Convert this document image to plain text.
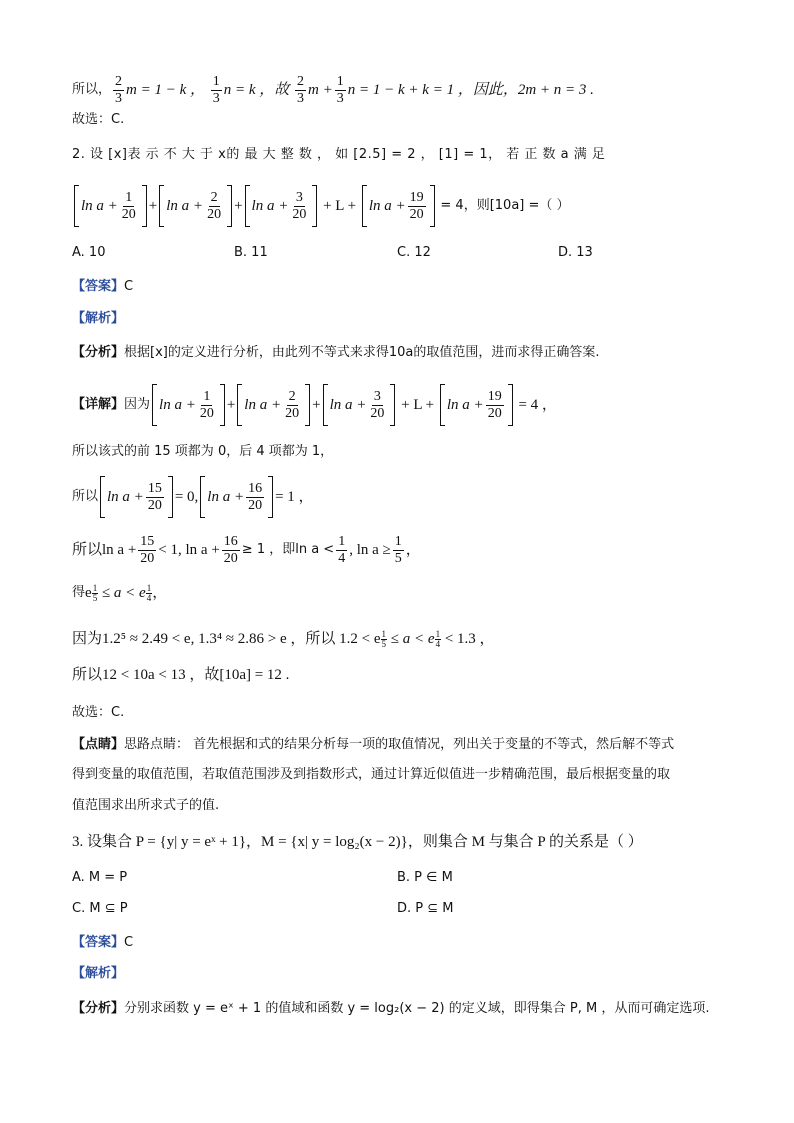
所以， $\frac{2}{3}$ m = 1 − k ，
$\frac{1}{3}$ n = k ，故
$\frac{2}{3}$ $m + \frac{1}{3}$ n = 1 − k + k = 1 ，因此，2m + n = 3 .
故选：C.
2. 设 [x]表 示 不 大 于 x的 最 大 整 数 ， 如 [2.5] = 2 ， [1] = 1， 若 正 数 a 满 足
$\ln a + \frac{1}{20} + \ln a + \frac{2}{20} + \ln a + \frac{3}{20}$
+ L +
$\ln a + \frac{19}{20}$
= 4，则[10a] =（ ）
A. 10	B. 11	C. 12	D. 13
【答案】C
【解析】
【分析】根据[x]的定义进行分析，由此列不等式来求得10a的取值范围，进而求得正确答案.
【详解】 因为 $\ln a + \frac{1}{20} + \ln a + \frac{2}{20} + \ln a + \frac{3}{20}$
+ L +
$\ln a + \frac{19}{20}$
= 4 ，
所以该式的前 15 项都为 0，后 4 项都为 1，
所以 $\ln a + \frac{15}{20} = 0$, $\ln a + \frac{16}{20} = 1$ ，
所以$\ln a + \frac{15}{20} < 1$, $\ln a + \frac{16}{20} \ge 1$ ，即$\ln a < \frac{1}{4}$ , $\ln a \ge \frac{1}{5}$ ，
得 e $\frac{1}{5}$
≤ a < e 1
4 ，
因为1.2⁵ ≈ 2.49 < e, 1.3⁴ ≈ 2.86 > e ，所以
1.2 < e $\frac{1}{5}$
≤ a < e 1
4
< 1.3 ，
所以12 < 10a < 13 ，故[10a] = 12 .
故选：C.
【点睛】思路点睛： 首先根据和式的结果分析每一项的取值情况，列出关于变量的不等式，然后解不等式
得到变量的取值范围，若取值范围涉及到指数形式，通过计算近似值进一步精确范围，最后根据变量的取
值范围求出所求式子的值.
3. 设集合 P = {y| y = eˣ + 1}，M = {x| y = log₂(x − 2)}，则集合 M 与集合 P 的关系是（ ）
A. M = P	B. P ∈ M
C. M ⊆ P	D. P ⊆ M
【答案】C
【解析】
【分析】分别求函数 y = eˣ + 1 的值域和函数 y = log₂(x − 2) 的定义域，即得集合 P, M ，从而可确定选项.
